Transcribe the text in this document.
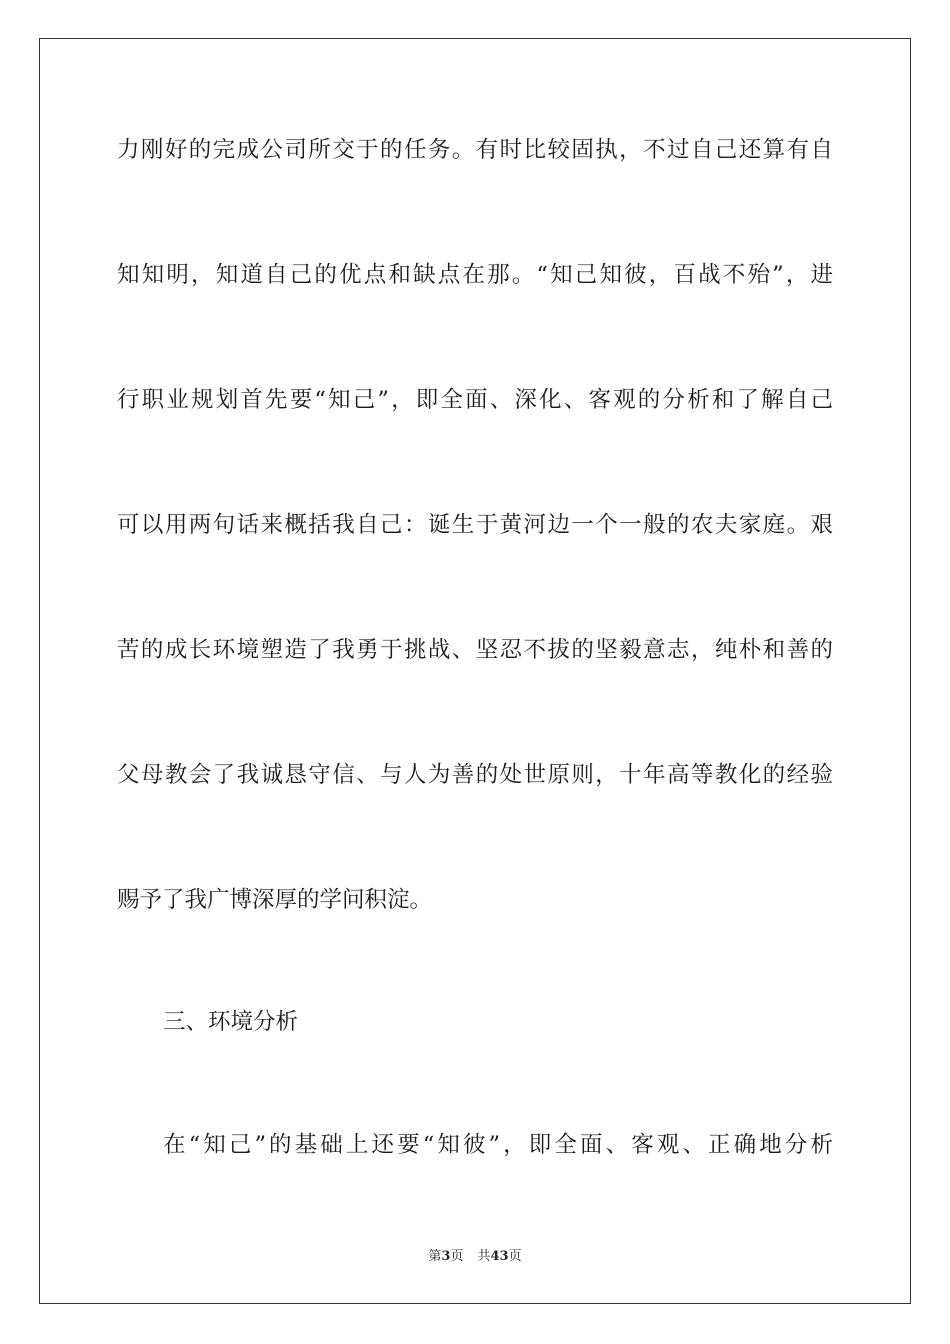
力刚好的完成公司所交于的任务。有时比较固执，不过自己还算有自
知知明，知道自己的优点和缺点在那。“知己知彼，百战不殆”，进
行职业规划首先要“知己”，即全面、深化、客观的分析和了解自己
可以用两句话来概括我自己：诞生于黄河边一个一般的农夫家庭。艰
苦的成长环境塑造了我勇于挑战、坚忍不拔的坚毅意志，纯朴和善的
父母教会了我诚恳守信、与人为善的处世原则，十年高等教化的经验
赐予了我广博深厚的学问积淀。
三、环境分析
在“知己”的基础上还要“知彼”，即全面、客观、正确地分析
第3页 共43页
